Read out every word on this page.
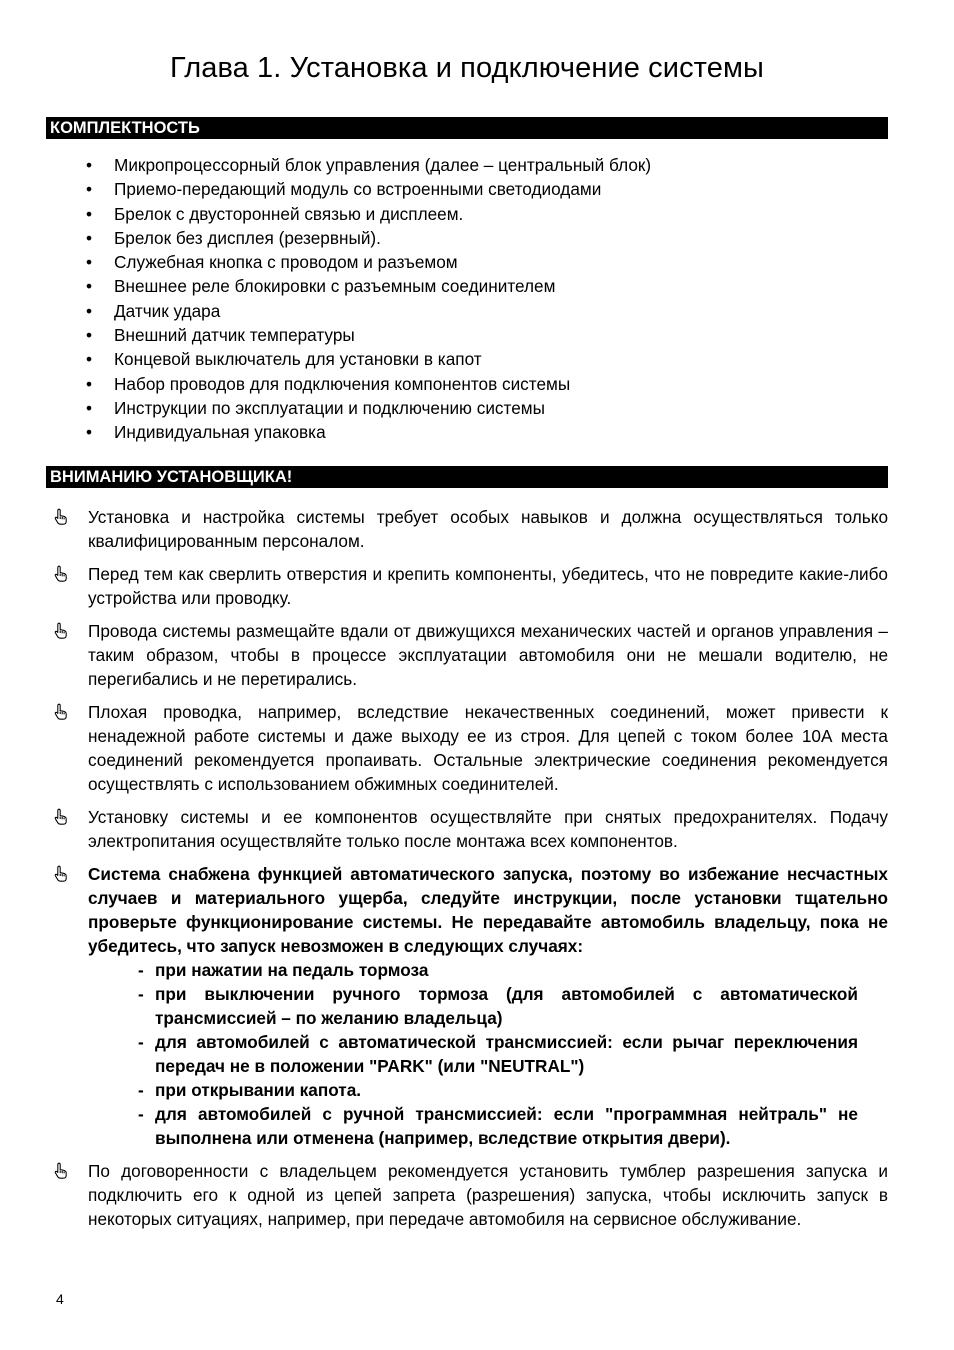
Глава 1. Установка и подключение системы
КОМПЛЕКТНОСТЬ
• Микропроцессорный блок управления (далее – центральный блок)
• Приемо-передающий модуль со встроенными светодиодами
• Брелок с двусторонней связью и дисплеем.
• Брелок без дисплея (резервный).
• Служебная кнопка с проводом и разъемом
• Внешнее реле блокировки с разъемным соединителем
• Датчик удара
• Внешний датчик температуры
• Концевой выключатель для установки в капот
• Набор проводов для подключения компонентов системы
• Инструкции по эксплуатации и подключению системы
• Индивидуальная упаковка
ВНИМАНИЮ УСТАНОВЩИКА!
Установка и настройка системы требует особых навыков и должна осуществляться только квалифицированным персоналом.
Перед тем как сверлить отверстия и крепить компоненты, убедитесь, что не повредите какие-либо устройства или проводку.
Провода системы размещайте вдали от движущихся механических частей и органов управления – таким образом, чтобы в процессе эксплуатации автомобиля они не мешали водителю, не перегибались и не перетирались.
Плохая проводка, например, вследствие некачественных соединений, может привести к ненадежной работе системы и даже выходу ее из строя. Для цепей с током более 10А места соединений рекомендуется пропаивать. Остальные электрические соединения рекомендуется осуществлять с использованием обжимных соединителей.
Установку системы и ее компонентов осуществляйте при снятых предохранителях. Подачу электропитания осуществляйте только после монтажа всех компонентов.
Система снабжена функцией автоматического запуска, поэтому во избежание несчастных случаев и материального ущерба, следуйте инструкции, после установки тщательно проверьте функционирование системы. Не передавайте автомобиль владельцу, пока не убедитесь, что запуск невозможен в следующих случаях:
- при нажатии на педаль тормоза
- при выключении ручного тормоза (для автомобилей с автоматической трансмиссией – по желанию владельца)
- для автомобилей с автоматической трансмиссией: если рычаг переключения передач не в положении "PARK" (или "NEUTRAL")
- при открывании капота.
- для автомобилей с ручной трансмиссией: если "программная нейтраль" не выполнена или отменена (например, вследствие открытия двери).
По договоренности с владельцем рекомендуется установить тумблер разрешения запуска и подключить его к одной из цепей запрета (разрешения) запуска, чтобы исключить запуск в некоторых ситуациях, например, при передаче автомобиля на сервисное обслуживание.
4
